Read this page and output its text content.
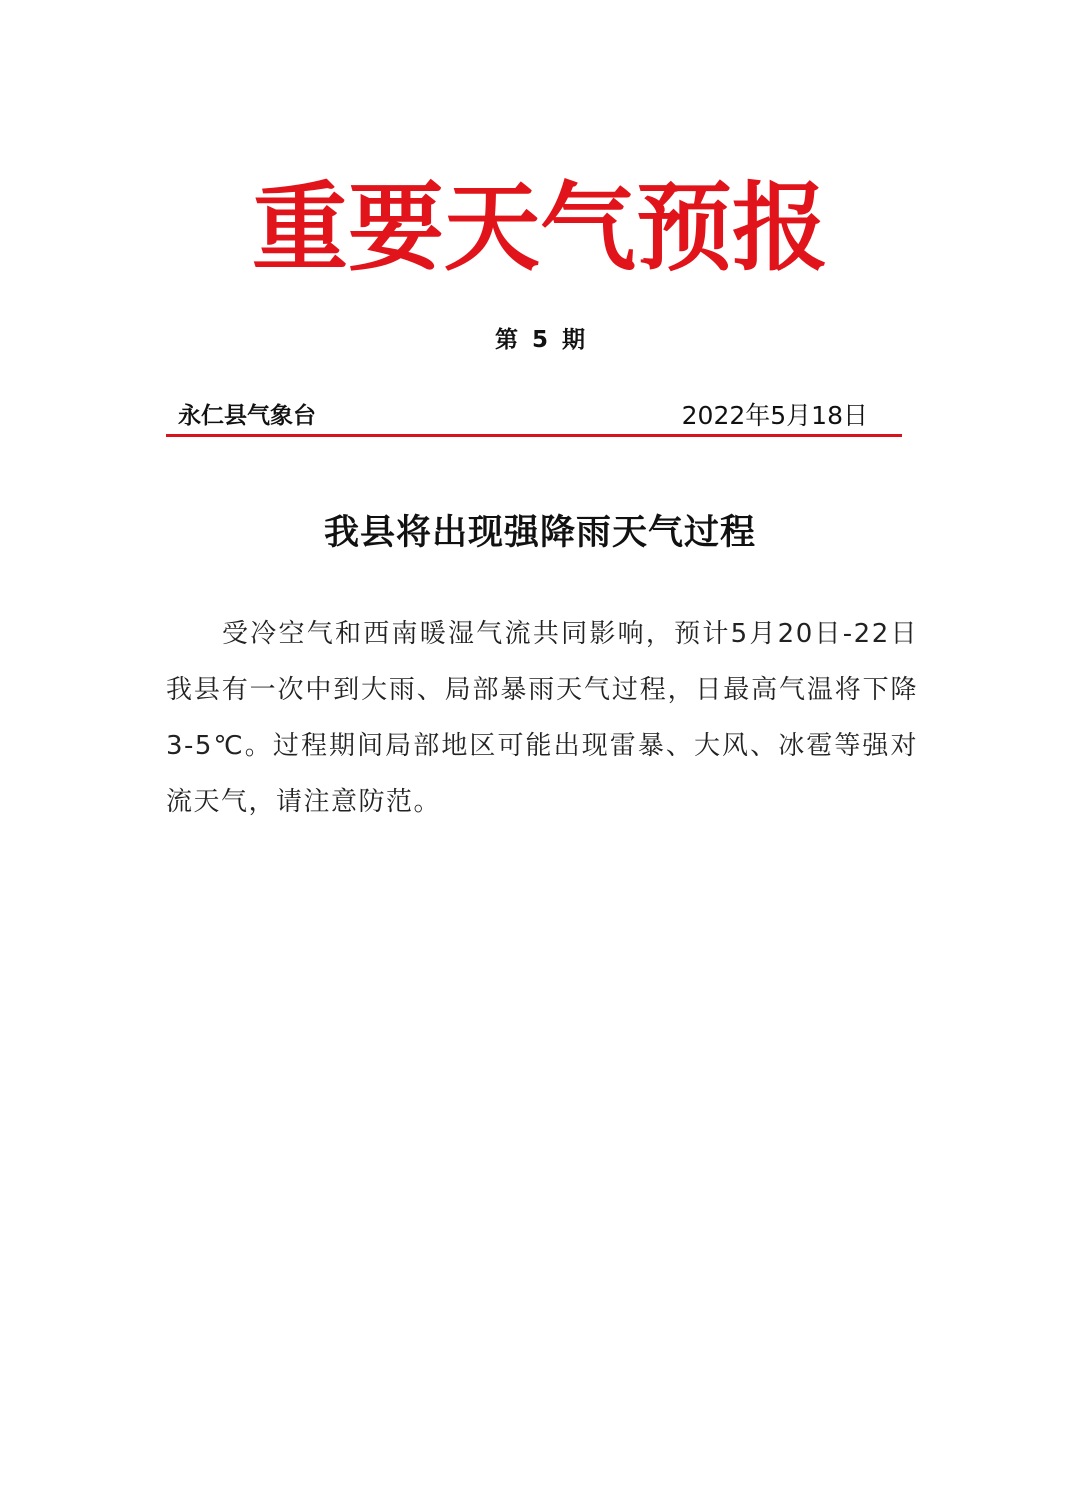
重要天气预报
第 5 期
永仁县气象台	2022年5月18日
我县将出现强降雨天气过程

受冷空气和西南暖湿气流共同影响，预计5月20日-22日我县有一次中到大雨、局部暴雨天气过程，日最高气温将下降3-5℃。过程期间局部地区可能出现雷暴、大风、冰雹等强对流天气，请注意防范。
